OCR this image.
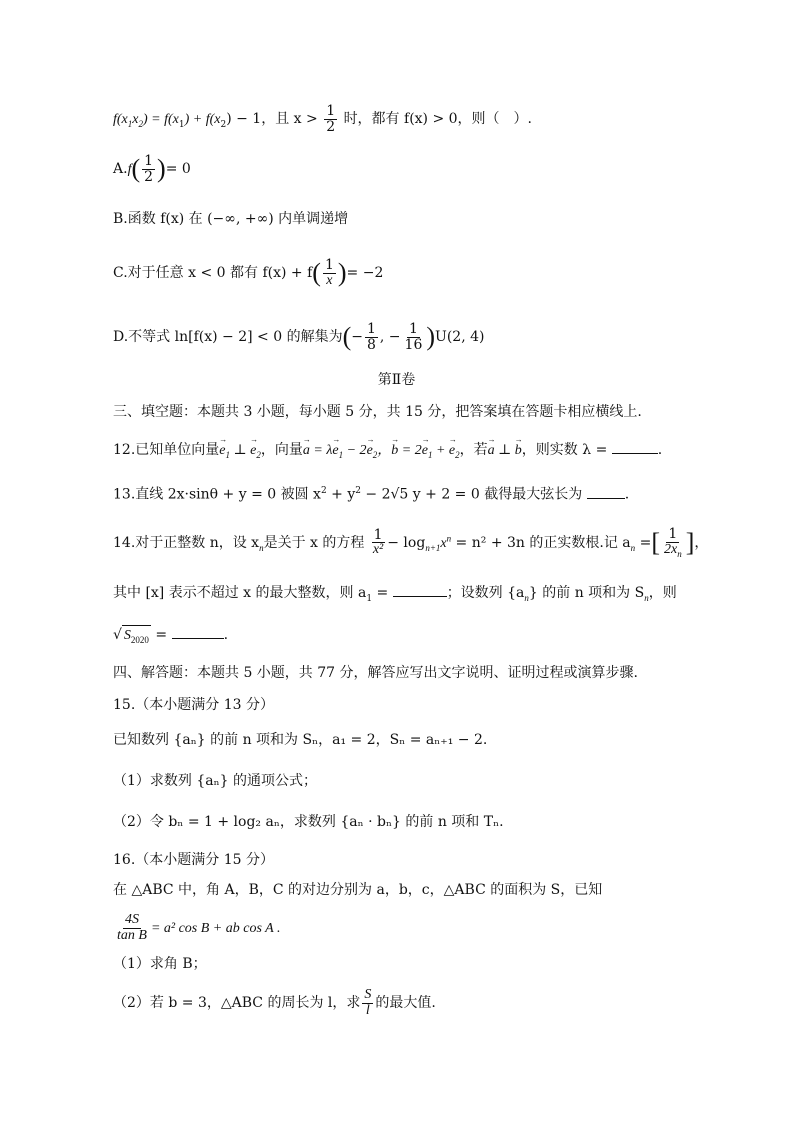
$f(x_1x_2) = f(x_1) + f(x_2) - 1$，且 $x > \frac{1}{2}$ 时，都有 f(x) > 0，则（　）.
$A.f( \frac{1}{2}$ )= 0
B.函数 f(x) 在 (−∞, +∞) 内单调递增
C.对于任意 x < 0 都有 $f(x) + f( \frac{1}{x}$ )= −2
D.不等式 ln[f(x) − 2] < 0 的解集为(− $\frac{1}{8}$ , − $\frac{1}{16} )U(2$, 4)
第Ⅱ卷
三、填空题：本题共 3 小题，每小题 5 分，共 15 分，把答案填在答题卡相应横线上.
12.已知单位向量→ $e_1$ ⊥ → $e_2$，向量→ $a = \lambda\to e_1 - 2\to e_2$，→ $b = 2\to e_1$ + → $e_2$，若→ a ⊥ → b，则实数 λ =	.
13.直线 2x·sinθ + y = 0 被圆 $x^2 + y^2 - 2√5$ y + 2 = 0 截得最大弦长为	.
14.对于正整数 n，设 $x_n$是关于 x 的方程 $\frac{1}{\text{x²}} - \log_{n+1}x^n = n^2 + 3n$ 的正实数根.记 $a_n$ =[ $\frac{1}{2x_n}$ ]，
其中 [x] 表示不超过 x 的最大整数，则 $a_1$ =	；设数列 $\{a_n\}$ 的前 n 项和为 $S_n$，则
√ $S_{2020}$ =	.
四、解答题：本题共 5 小题，共 77 分，解答应写出文字说明、证明过程或演算步骤.
15.（本小题满分 13 分）
已知数列 {aₙ} 的前 n 项和为 Sₙ，a₁ = 2，Sₙ = aₙ₊₁ − 2.
（1）求数列 {aₙ} 的通项公式；
（2）令 bₙ = 1 + log₂ aₙ，求数列 {aₙ · bₙ} 的前 n 项和 Tₙ.
16.（本小题满分 15 分）
在 △ABC 中，角 A，B，C 的对边分别为 a，b，c，△ABC 的面积为 S，已知
$\frac{4S}{\text{tan B}} = a^2$ cos B + ab cos A .
（1）求角 B；
（2）若 b = 3，△ABC 的周长为 l，求 $\frac{S}{l}$ 的最大值.
